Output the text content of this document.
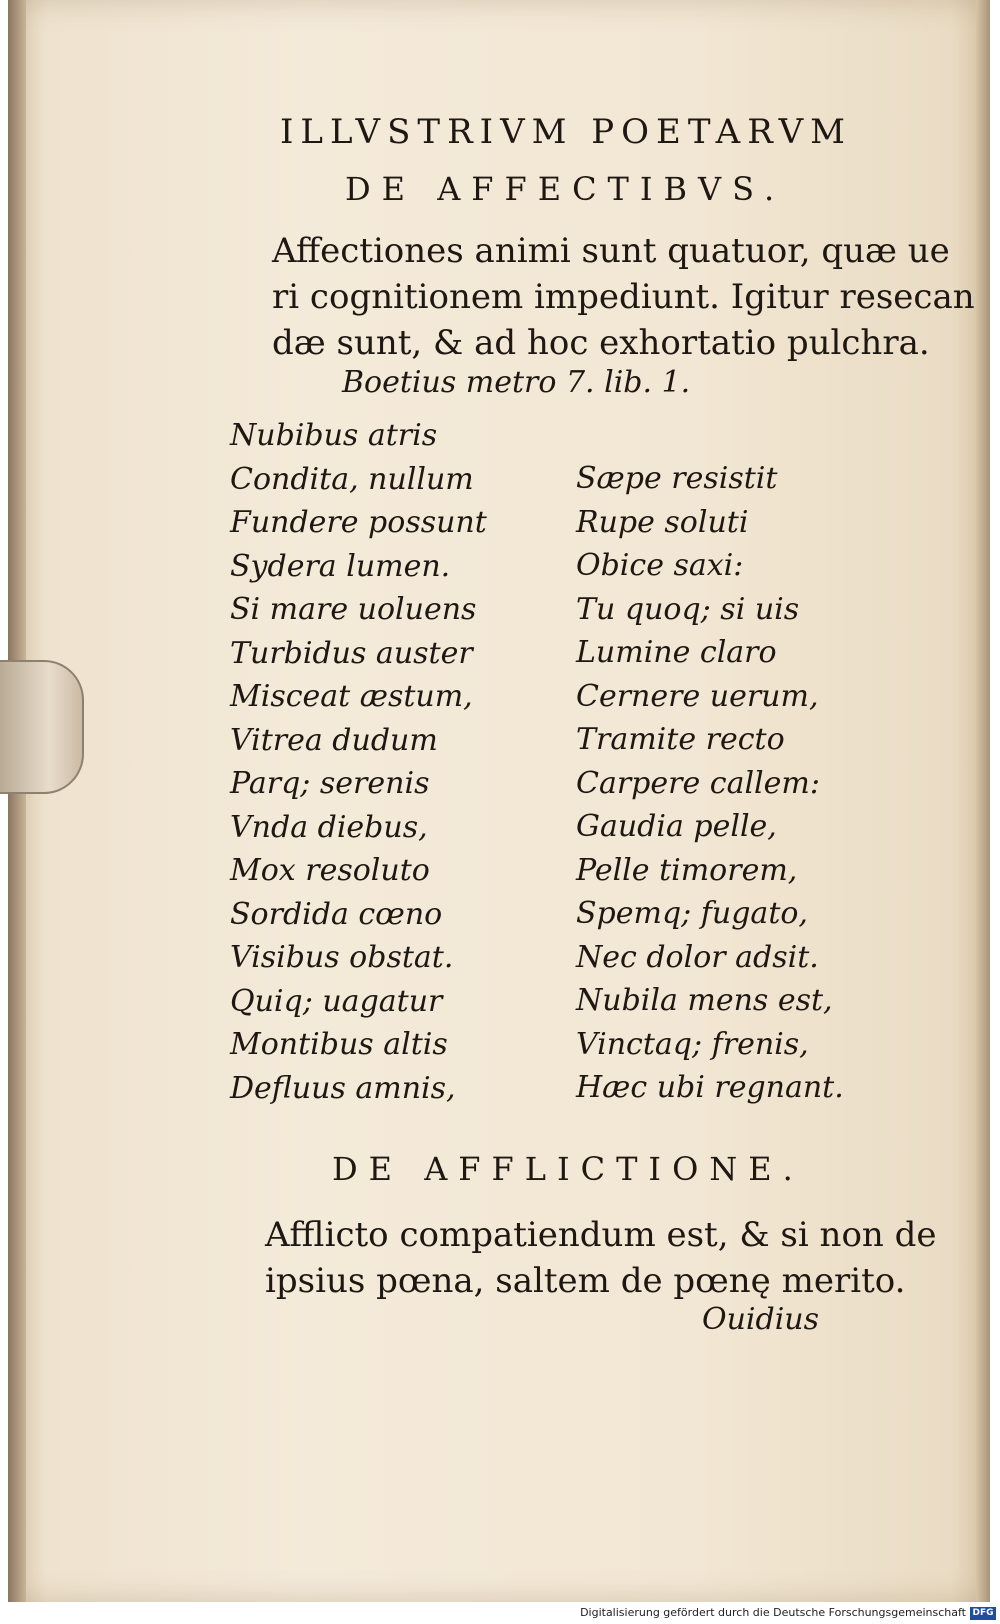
ILLVSTRIVM POETARVM
DE AFFECTIBVS.
Affectiones animi sunt quatuor, quæ ue
ri cognitionem impediunt. Igitur resecan
dæ sunt, & ad hoc exhortatio pulchra.
Boetius metro 7. lib. 1.
Nubibus atris
Condita, nullum
Fundere possunt
Sydera lumen.
Si mare uoluens
Turbidus auster
Misceat æstum,
Vitrea dudum
Parq; serenis
Vnda diebus,
Mox resoluto
Sordida cœno
Visibus obstat.
Quiq; uagatur
Montibus altis
Defluus amnis,
Sæpe resistit
Rupe soluti
Obice saxi:
Tu quoq; si uis
Lumine claro
Cernere uerum,
Tramite recto
Carpere callem:
Gaudia pelle,
Pelle timorem,
Spemq; fugato,
Nec dolor adsit.
Nubila mens est,
Vinctaq; frenis,
Hæc ubi regnant.
DE AFFLICTIONE.
Afflicto compatiendum est, & si non de
ipsius pœna, saltem de pœnę merito.
Ouidius
Digitalisierung gefördert durch die Deutsche Forschungsgemeinschaft DFG
